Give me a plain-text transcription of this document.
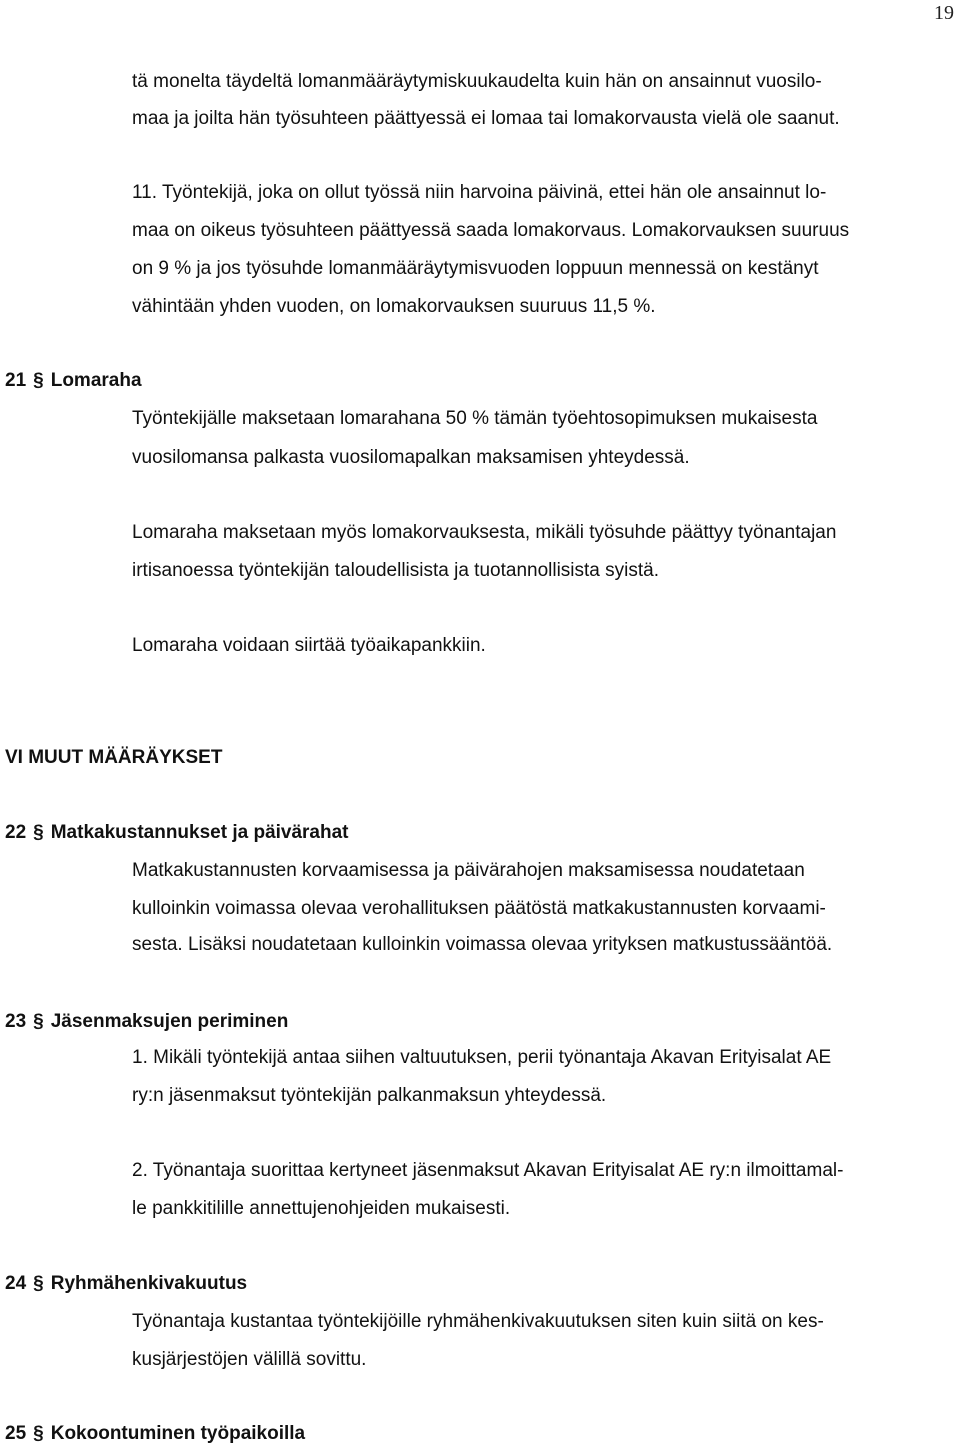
19
tä monelta täydeltä lomanmääräytymiskuukaudelta kuin hän on ansainnut vuosilo-
maa ja joilta hän työsuhteen päättyessä ei lomaa tai lomakorvausta vielä ole saanut.
11. Työntekijä, joka on ollut työssä niin harvoina päivinä, ettei hän ole ansainnut lo-
maa on oikeus työsuhteen päättyessä saada lomakorvaus. Lomakorvauksen suuruus
on 9 % ja jos työsuhde lomanmääräytymisvuoden loppuun mennessä on kestänyt
vähintään yhden vuoden, on lomakorvauksen suuruus 11,5 %.
21 § Lomaraha
Työntekijälle maksetaan lomarahana 50 % tämän työehtosopimuksen mukaisesta
vuosilomansa palkasta vuosilomapalkan maksamisen yhteydessä.
Lomaraha maksetaan myös lomakorvauksesta, mikäli työsuhde päättyy työnantajan
irtisanoessa työntekijän taloudellisista ja tuotannollisista syistä.
Lomaraha voidaan siirtää työaikapankkiin.
VI MUUT MÄÄRÄYKSET
22 § Matkakustannukset ja päivärahat
Matkakustannusten korvaamisessa ja päivärahojen maksamisessa noudatetaan
kulloinkin voimassa olevaa verohallituksen päätöstä matkakustannusten korvaami-
sesta. Lisäksi noudatetaan kulloinkin voimassa olevaa yrityksen matkustussääntöä.
23 § Jäsenmaksujen periminen
1. Mikäli työntekijä antaa siihen valtuutuksen, perii työnantaja Akavan Erityisalat AE
ry:n jäsenmaksut työntekijän palkanmaksun yhteydessä.
2. Työnantaja suorittaa kertyneet jäsenmaksut Akavan Erityisalat AE ry:n ilmoittamal-
le pankkitilille annettujenohjeiden mukaisesti.
24 § Ryhmähenkivakuutus
Työnantaja kustantaa työntekijöille ryhmähenkivakuutuksen siten kuin siitä on kes-
kusjärjestöjen välillä sovittu.
25 § Kokoontuminen työpaikoilla
